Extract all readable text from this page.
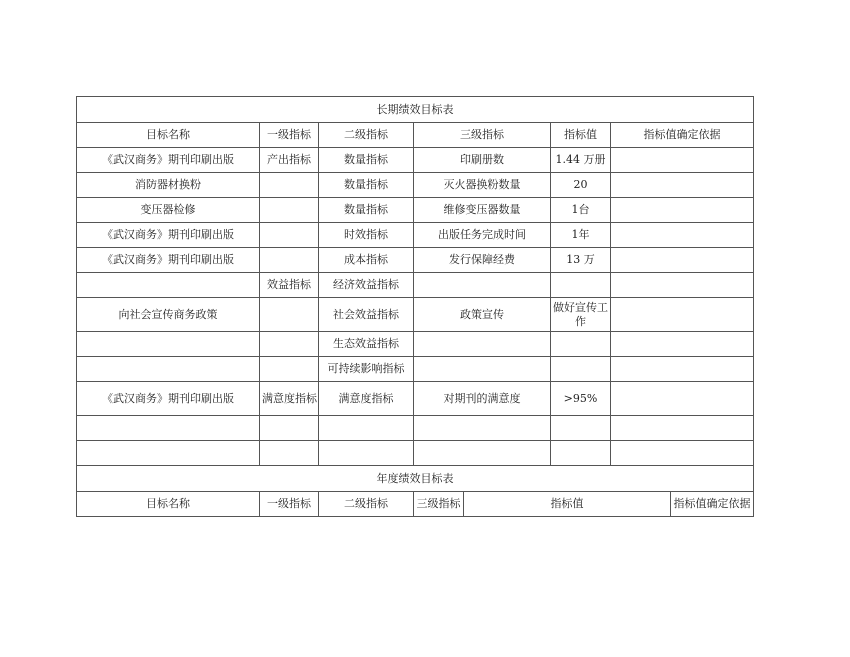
长期绩效目标表							
目标名称	一级指标	二级指标	三级指标		指标值	指标值确定依据	
《武汉商务》期刊印刷出版	产出指标	数量指标	印刷册数		1.44 万册		
消防器材换粉		数量指标	灭火器换粉数量		20		
变压器检修		数量指标	维修变压器数量		1台		
《武汉商务》期刊印刷出版		时效指标	出版任务完成时间		1年		
《武汉商务》期刊印刷出版		成本指标	发行保障经费		13 万		
	效益指标	经济效益指标					
向社会宣传商务政策		社会效益指标	政策宣传		做好宣传工作		
		生态效益指标					
		可持续影响指标					
《武汉商务》期刊印刷出版	满意度指标	满意度指标	对期刊的满意度		>95%		

年度绩效目标表							
目标名称	一级指标	二级指标	三级指标	指标值			指标值确定依据
